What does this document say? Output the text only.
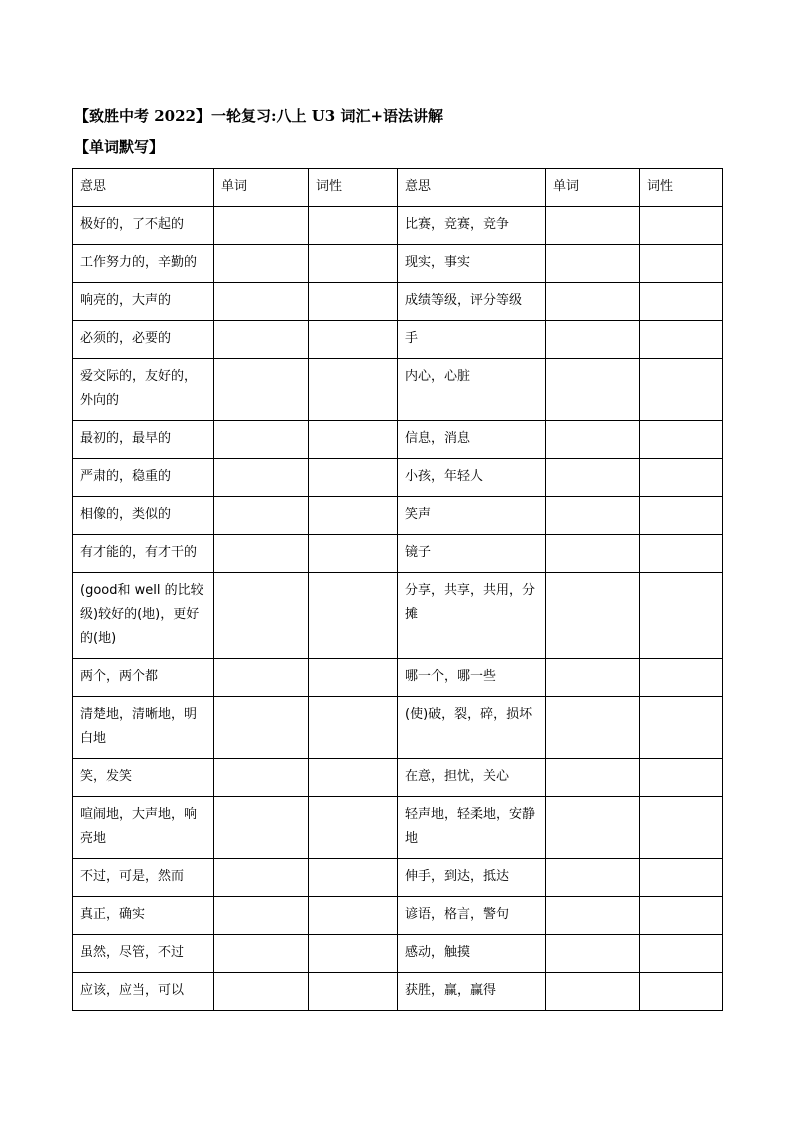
【致胜中考 2022】一轮复习:八上 U3 词汇+语法讲解
【单词默写】
意思	单词	词性	意思	单词	词性
极好的，了不起的			比赛，竞赛，竞争		
工作努力的，辛勤的			现实，事实		
响亮的，大声的			成绩等级，评分等级		
必须的，必要的			手		
爱交际的，友好的，外向的			内心，心脏		
最初的，最早的			信息，消息		
严肃的，稳重的			小孩，年轻人		
相像的，类似的			笑声		
有才能的，有才干的			镜子		
(good和 well 的比较级)较好的(地)，更好的(地)			分享，共享，共用，分摊		
两个，两个都			哪一个，哪一些		
清楚地，清晰地，明白地			(使)破，裂，碎，损坏		
笑，发笑			在意，担忧，关心		
喧闹地，大声地，响亮地			轻声地，轻柔地，安静地		
不过，可是，然而			伸手，到达，抵达		
真正，确实			谚语，格言，警句		
虽然，尽管，不过			感动，触摸		
应该，应当，可以			获胜，赢，赢得		
